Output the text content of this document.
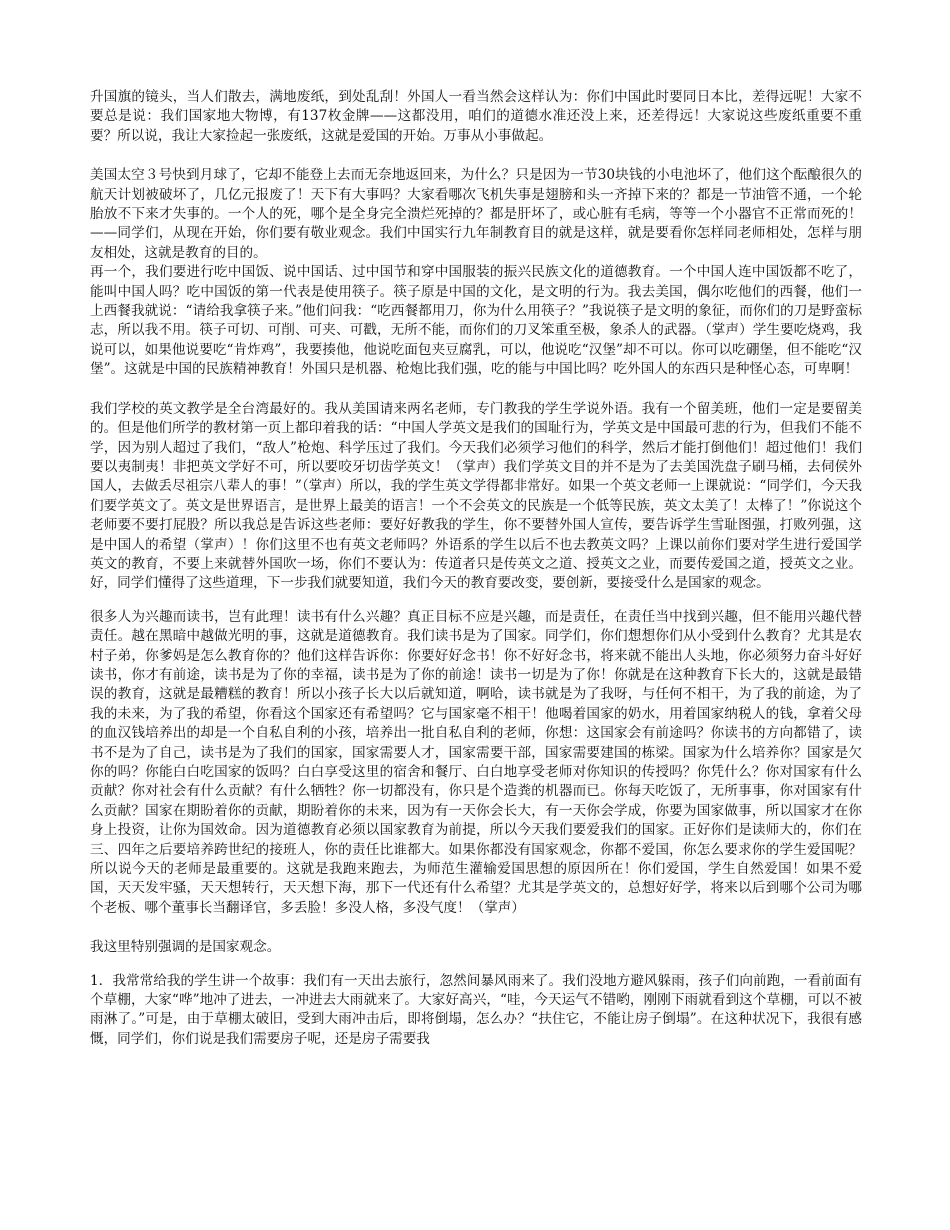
升国旗的镜头，当人们散去，满地废纸，到处乱刮！外国人一看当然会这样认为：你们中国此时要同日本比，差得远呢！大家不要总是说：我们国家地大物博，有137枚金牌——这都没用，咱们的道德水准还没上来，还差得远！大家说这些废纸重要不重要？所以说，我让大家捡起一张废纸，这就是爱国的开始。万事从小事做起。

美国太空３号快到月球了，它却不能登上去而无奈地返回来，为什么？只是因为一节30块钱的小电池坏了，他们这个酝酿很久的航天计划被破坏了，几亿元报废了！天下有大事吗？大家看哪次飞机失事是翅膀和头一齐掉下来的？都是一节油管不通，一个轮胎放不下来才失事的。一个人的死，哪个是全身完全溃烂死掉的？都是肝坏了，或心脏有毛病，等等一个小器官不正常而死的！——同学们，从现在开始，你们要有敬业观念。我们中国实行九年制教育目的就是这样，就是要看你怎样同老师相处，怎样与朋友相处，这就是教育的目的。

再一个，我们要进行吃中国饭、说中国话、过中国节和穿中国服装的振兴民族文化的道德教育。一个中国人连中国饭都不吃了，能叫中国人吗？吃中国饭的第一代表是使用筷子。筷子原是中国的文化，是文明的行为。我去美国，偶尔吃他们的西餐，他们一上西餐我就说：“请给我拿筷子来。”他们问我：“吃西餐都用刀，你为什么用筷子？”我说筷子是文明的象征，而你们的刀是野蛮标志，所以我不用。筷子可切、可削、可夹、可戳，无所不能，而你们的刀叉笨重至极，象杀人的武器。（掌声）学生要吃烧鸡，我说可以，如果他说要吃“肯炸鸡”，我要揍他，他说吃面包夹豆腐乳，可以，他说吃“汉堡”却不可以。你可以吃硼堡，但不能吃“汉堡”。这就是中国的民族精神教育！外国只是机器、枪炮比我们强，吃的能与中国比吗？吃外国人的东西只是种怪心态，可卑啊！

我们学校的英文教学是全台湾最好的。我从美国请来两名老师，专门教我的学生学说外语。我有一个留美班，他们一定是要留美的。但是他们所学的教材第一页上都印着我的话：“中国人学英文是我们的国耻行为，学英文是中国最可悲的行为，但我们不能不学，因为别人超过了我们，“敌人”枪炮、科学压过了我们。今天我们必须学习他们的科学，然后才能打倒他们！超过他们！我们要以夷制夷！非把英文学好不可，所以要咬牙切齿学英文！（掌声）我们学英文目的并不是为了去美国洗盘子刷马桶，去伺侯外国人，去做丢尽祖宗八辈人的事！”（掌声）所以，我的学生英文学得都非常好。如果一个英文老师一上课就说：“同学们，今天我们要学英文了。英文是世界语言，是世界上最美的语言！一个不会英文的民族是一个低等民族，英文太美了！太棒了！”你说这个老师要不要打屁股？所以我总是告诉这些老师：要好好教我的学生，你不要替外国人宣传，要告诉学生雪耻图强，打败列强，这是中国人的希望（掌声）！你们这里不也有英文老师吗？外语系的学生以后不也去教英文吗？上课以前你们要对学生进行爱国学英文的教育，不要上来就替外国吹一场，你们不要认为：传道者只是传英文之道、授英文之业，而要传爱国之道，授英文之业。好，同学们懂得了这些道理，下一步我们就要知道，我们今天的教育要改变，要创新，要接受什么是国家的观念。

很多人为兴趣而读书，岂有此理！读书有什么兴趣？真正目标不应是兴趣，而是责任，在责任当中找到兴趣，但不能用兴趣代替责任。越在黑暗中越做光明的事，这就是道德教育。我们读书是为了国家。同学们，你们想想你们从小受到什么教育？尤其是农村子弟，你爹妈是怎么教育你的？他们这样告诉你：你要好好念书！你不好好念书，将来就不能出人头地，你必须努力奋斗好好读书，你才有前途，读书是为了你的幸福，读书是为了你的前途！读书一切是为了你！你就是在这种教育下长大的，这就是最错误的教育，这就是最糟糕的教育！所以小孩子长大以后就知道，啊哈，读书就是为了我呀，与任何不相干，为了我的前途，为了我的未来，为了我的希望，你看这个国家还有希望吗？它与国家毫不相干！他喝着国家的奶水，用着国家纳税人的钱，拿着父母的血汉钱培养出的却是一个自私自利的小孩，培养出一批自私自利的老师，你想：这国家会有前途吗？你读书的方向都错了，读书不是为了自己，读书是为了我们的国家，国家需要人才，国家需要干部，国家需要建国的栋梁。国家为什么培养你？国家是欠你的吗？你能白白吃国家的饭吗？白白享受这里的宿舍和餐厅、白白地享受老师对你知识的传授吗？你凭什么？你对国家有什么贡献？你对社会有什么贡献？有什么牺牲？你一切都没有，你只是个造粪的机器而已。你每天吃饭了，无所事事，你对国家有什么贡献？国家在期盼着你的贡献，期盼着你的未来，因为有一天你会长大，有一天你会学成，你要为国家做事，所以国家才在你身上投资，让你为国效命。因为道德教育必须以国家教育为前提，所以今天我们要爱我们的国家。正好你们是读师大的，你们在三、四年之后要培养跨世纪的接班人，你的责任比谁都大。如果你都没有国家观念，你都不爱国，你怎么要求你的学生爱国呢？所以说今天的老师是最重要的。这就是我跑来跑去，为师范生灌输爱国思想的原因所在！你们爱国，学生自然爱国！如果不爱国，天天发牢骚，天天想转行，天天想下海，那下一代还有什么希望？尤其是学英文的，总想好好学，将来以后到哪个公司为哪个老板、哪个董事长当翻译官，多丢脸！多没人格，多没气度！（掌声）

我这里特别强调的是国家观念。

1．我常常给我的学生讲一个故事：我们有一天出去旅行，忽然间暴风雨来了。我们没地方避风躲雨，孩子们向前跑，一看前面有个草棚，大家“哗”地冲了进去，一冲进去大雨就来了。大家好高兴，“哇，今天运气不错哟，刚刚下雨就看到这个草棚，可以不被雨淋了。”可是，由于草棚太破旧，受到大雨冲击后，即将倒塌，怎么办？“扶住它，不能让房子倒塌”。在这种状况下，我很有感慨，同学们，你们说是我们需要房子呢，还是房子需要我
